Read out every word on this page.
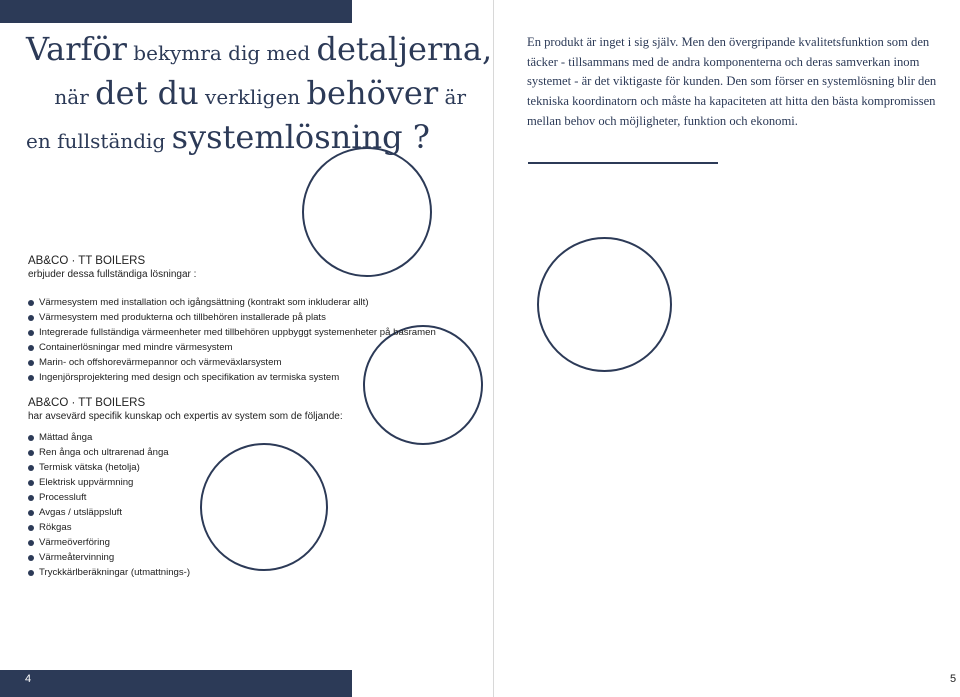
Varför bekymra dig med detaljerna,
när det du verkligen behöver är
en fullständig systemlösning ?
En produkt är inget i sig själv. Men den övergripande kvalitetsfunktion som den täcker - tillsammans med de andra komponenterna och deras samverkan inom systemet - är det viktigaste för kunden. Den som förser en systemlösning blir den tekniska koordinatorn och måste ha kapaciteten att hitta den bästa kompromissen mellan behov och möjligheter, funktion och ekonomi.
AB&CO · TT BOILERS
erbjuder dessa fullständiga lösningar :
Värmesystem med installation och igångsättning (kontrakt som inkluderar allt)
Värmesystem med produkterna och tillbehören installerade på plats
Integrerade fullständiga värmeenheter med tillbehören uppbyggt systemenheter på basramen
Containerlösningar med mindre värmesystem
Marin- och offshorevärmepannor och värmeväxlarsystem
Ingenjörsprojektering med design och specifikation av termiska system
AB&CO · TT BOILERS
har avsevärd specifik kunskap och expertis av system som de följande:
Mättad ånga
Ren ånga och ultrarenad ånga
Termisk vätska (hetolja)
Elektrisk uppvärmning
Processluft
Avgas / utsläppsluft
Rökgas
Värmeöverföring
Värmeåtervinning
Tryckkärlberäkningar (utmattnings-)
4	5
